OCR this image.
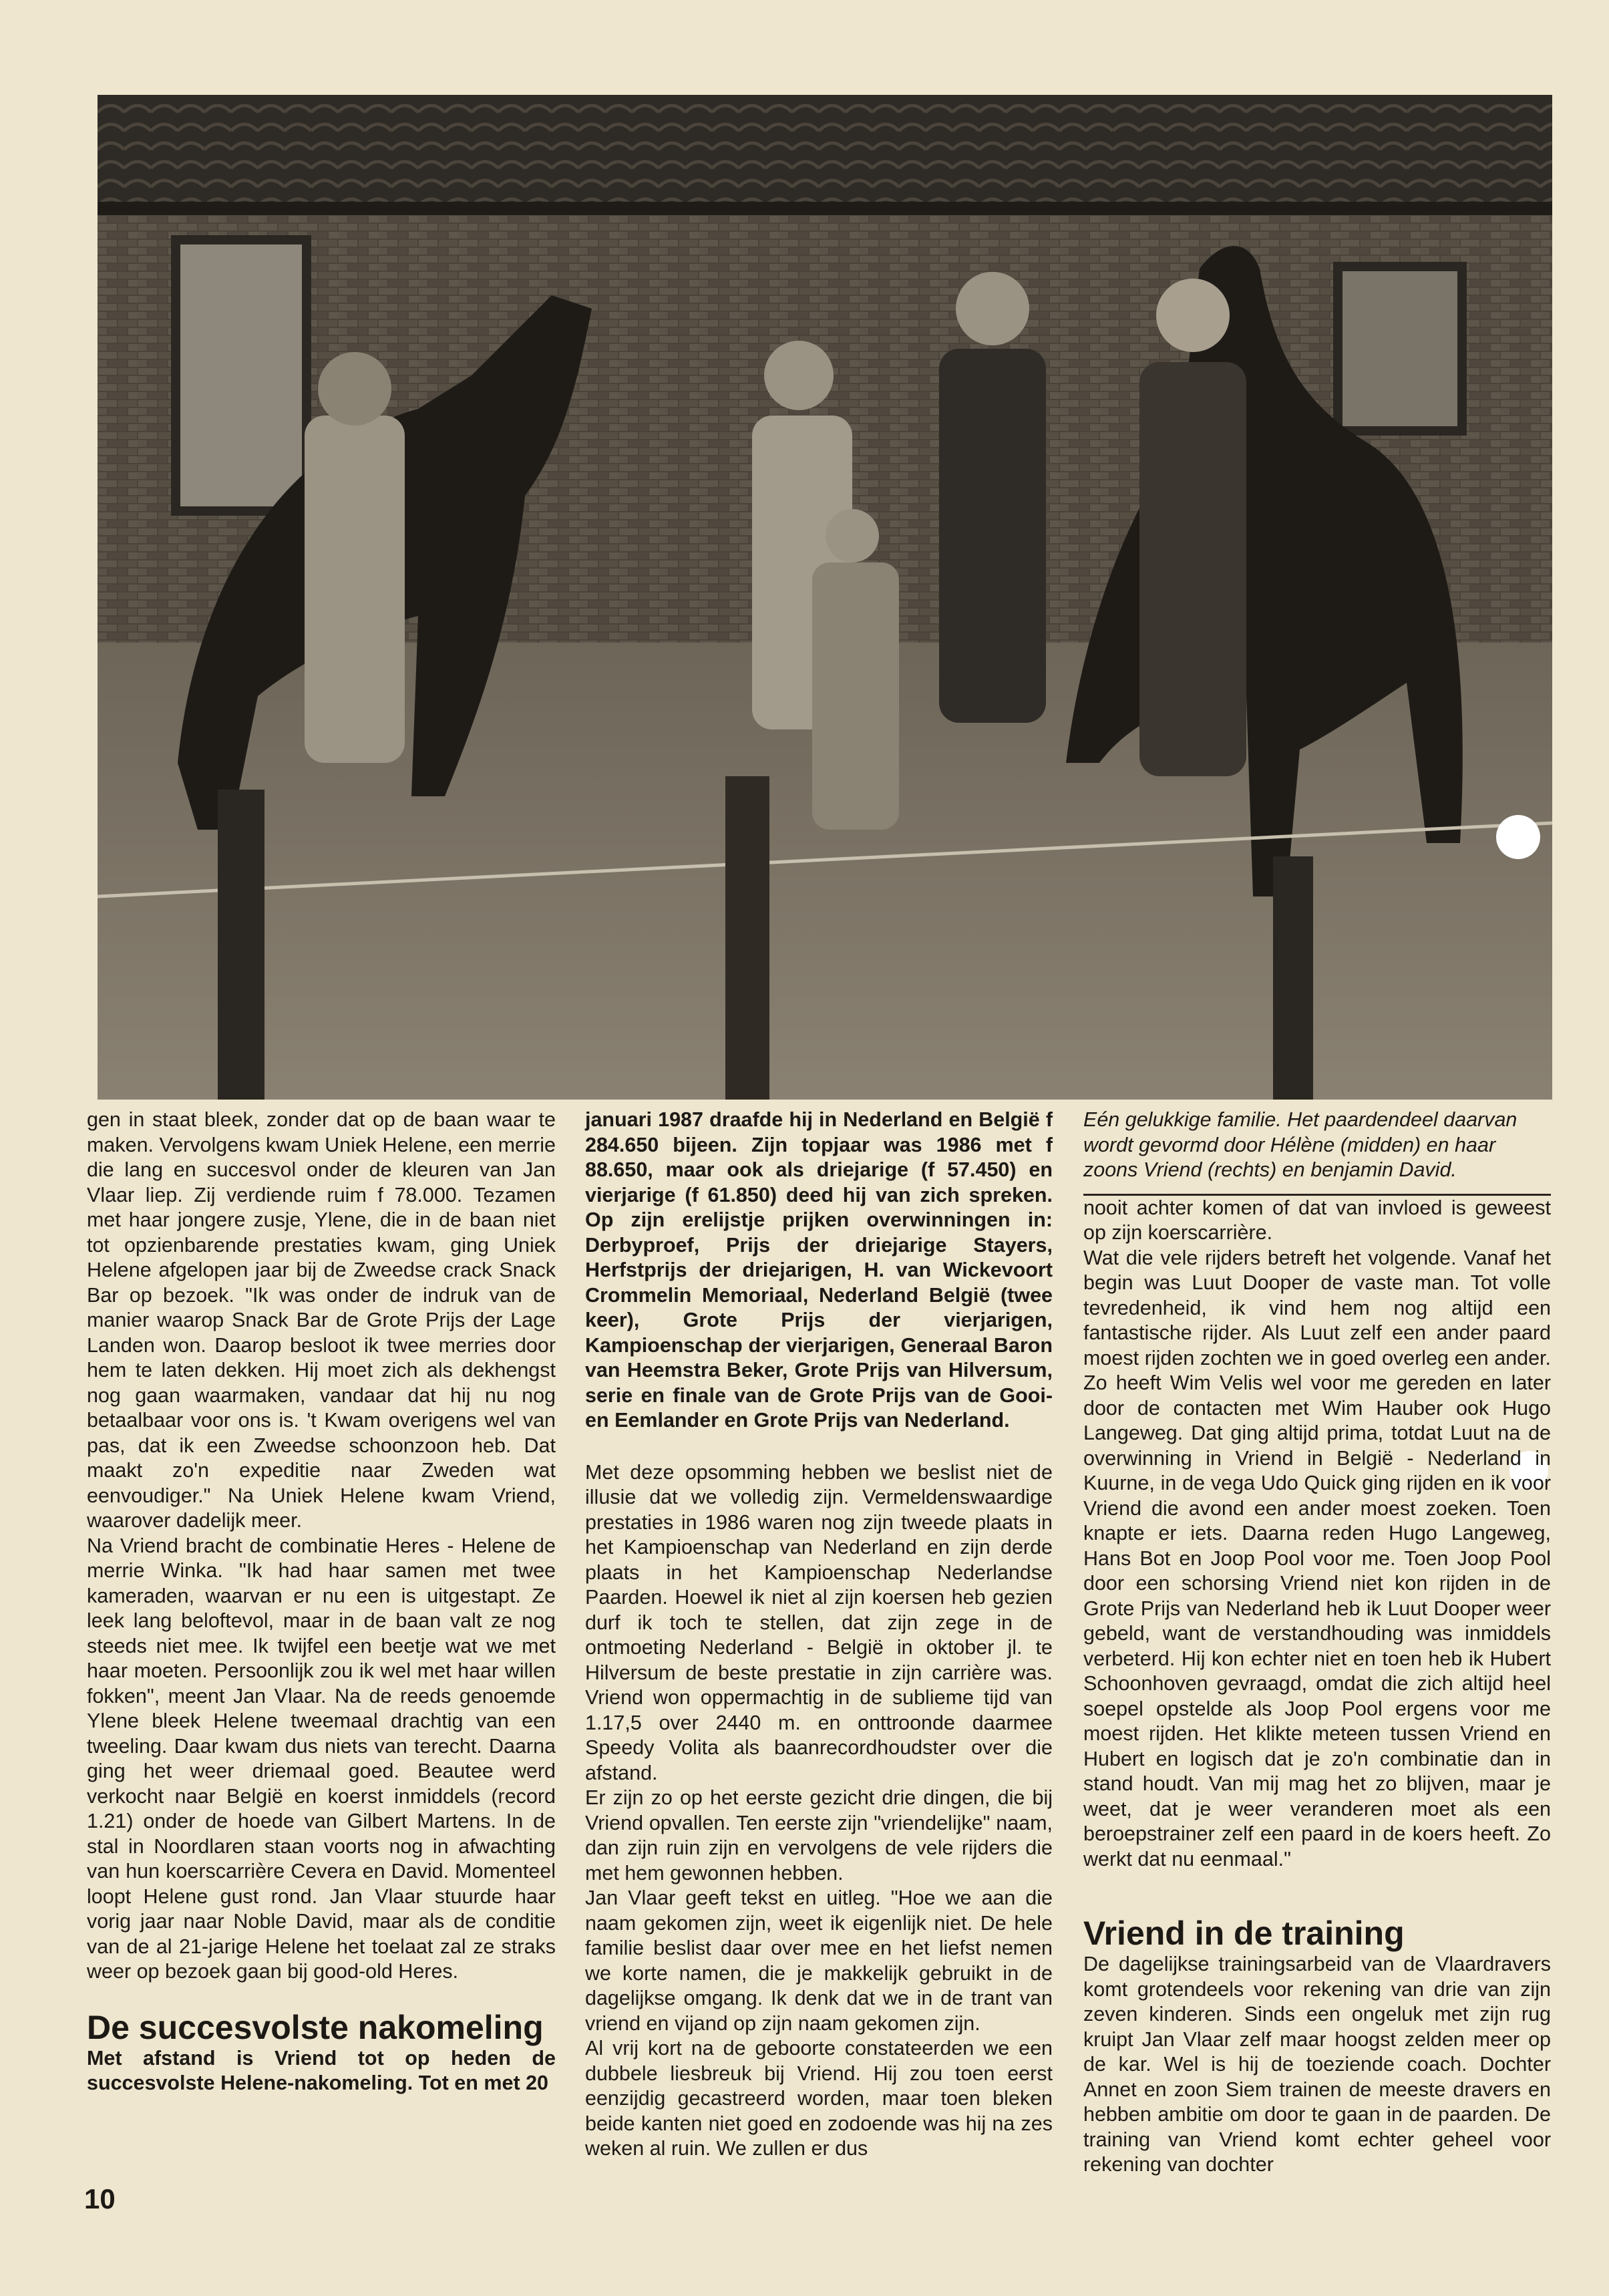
gen in staat bleek, zonder dat op de baan waar te maken. Vervolgens kwam Uniek Helene, een merrie die lang en succesvol onder de kleuren van Jan Vlaar liep. Zij verdiende ruim f 78.000. Tezamen met haar jongere zusje, Ylene, die in de baan niet tot opzienbarende prestaties kwam, ging Uniek Helene afgelopen jaar bij de Zweedse crack Snack Bar op bezoek. "Ik was onder de indruk van de manier waarop Snack Bar de Grote Prijs der Lage Landen won. Daarop besloot ik twee merries door hem te laten dekken. Hij moet zich als dekhengst nog gaan waarmaken, vandaar dat hij nu nog betaalbaar voor ons is. 't Kwam overigens wel van pas, dat ik een Zweedse schoonzoon heb. Dat maakt zo'n expeditie naar Zweden wat eenvoudiger." Na Uniek Helene kwam Vriend, waarover dadelijk meer.

Na Vriend bracht de combinatie Heres - Helene de merrie Winka. "Ik had haar samen met twee kameraden, waarvan er nu een is uitgestapt. Ze leek lang beloftevol, maar in de baan valt ze nog steeds niet mee. Ik twijfel een beetje wat we met haar moeten. Persoonlijk zou ik wel met haar willen fokken", meent Jan Vlaar. Na de reeds genoemde Ylene bleek Helene tweemaal drachtig van een tweeling. Daar kwam dus niets van terecht. Daarna ging het weer driemaal goed. Beautee werd verkocht naar België en koerst inmiddels (record 1.21) onder de hoede van Gilbert Martens. In de stal in Noordlaren staan voorts nog in afwachting van hun koerscarrière Cevera en David. Momenteel loopt Helene gust rond. Jan Vlaar stuurde haar vorig jaar naar Noble David, maar als de conditie van de al 21-jarige Helene het toelaat zal ze straks weer op bezoek gaan bij good-old Heres.

De succesvolste nakomeling

Met afstand is Vriend tot op heden de succesvolste Helene-nakomeling. Tot en met 20

januari 1987 draafde hij in Nederland en België f 284.650 bijeen. Zijn topjaar was 1986 met f 88.650, maar ook als driejarige (f 57.450) en vierjarige (f 61.850) deed hij van zich spreken. Op zijn erelijstje prijken overwinningen in: Derbyproef, Prijs der driejarige Stayers, Herfstprijs der driejarigen, H. van Wickevoort Crommelin Memoriaal, Nederland België (twee keer), Grote Prijs der vierjarigen, Kampioenschap der vierjarigen, Generaal Baron van Heemstra Beker, Grote Prijs van Hilversum, serie en finale van de Grote Prijs van de Gooi- en Eemlander en Grote Prijs van Nederland.

Met deze opsomming hebben we beslist niet de illusie dat we volledig zijn. Vermeldenswaardige prestaties in 1986 waren nog zijn tweede plaats in het Kampioenschap van Nederland en zijn derde plaats in het Kampioenschap Nederlandse Paarden. Hoewel ik niet al zijn koersen heb gezien durf ik toch te stellen, dat zijn zege in de ontmoeting Nederland - België in oktober jl. te Hilversum de beste prestatie in zijn carrière was. Vriend won oppermachtig in de sublieme tijd van 1.17,5 over 2440 m. en onttroonde daarmee Speedy Volita als baanrecordhoudster over die afstand.

Er zijn zo op het eerste gezicht drie dingen, die bij Vriend opvallen. Ten eerste zijn "vriendelijke" naam, dan zijn ruin zijn en vervolgens de vele rijders die met hem gewonnen hebben.

Jan Vlaar geeft tekst en uitleg. "Hoe we aan die naam gekomen zijn, weet ik eigenlijk niet. De hele familie beslist daar over mee en het liefst nemen we korte namen, die je makkelijk gebruikt in de dagelijkse omgang. Ik denk dat we in de trant van vriend en vijand op zijn naam gekomen zijn.

Al vrij kort na de geboorte constateerden we een dubbele liesbreuk bij Vriend. Hij zou toen eerst eenzijdig gecastreerd worden, maar toen bleken beide kanten niet goed en zodoende was hij na zes weken al ruin. We zullen er dus

Eén gelukkige familie. Het paardendeel daarvan wordt gevormd door Hélène (midden) en haar zoons Vriend (rechts) en benjamin David.

nooit achter komen of dat van invloed is geweest op zijn koerscarrière.

Wat die vele rijders betreft het volgende. Vanaf het begin was Luut Dooper de vaste man. Tot volle tevredenheid, ik vind hem nog altijd een fantastische rijder. Als Luut zelf een ander paard moest rijden zochten we in goed overleg een ander. Zo heeft Wim Velis wel voor me gereden en later door de contacten met Wim Hauber ook Hugo Langeweg. Dat ging altijd prima, totdat Luut na de overwinning in Vriend in België - Nederland in Kuurne, in de vega Udo Quick ging rijden en ik voor Vriend die avond een ander moest zoeken. Toen knapte er iets. Daarna reden Hugo Langeweg, Hans Bot en Joop Pool voor me. Toen Joop Pool door een schorsing Vriend niet kon rijden in de Grote Prijs van Nederland heb ik Luut Dooper weer gebeld, want de verstandhouding was inmiddels verbeterd. Hij kon echter niet en toen heb ik Hubert Schoonhoven gevraagd, omdat die zich altijd heel soepel opstelde als Joop Pool ergens voor me moest rijden. Het klikte meteen tussen Vriend en Hubert en logisch dat je zo'n combinatie dan in stand houdt. Van mij mag het zo blijven, maar je weet, dat je weer veranderen moet als een beroepstrainer zelf een paard in de koers heeft. Zo werkt dat nu eenmaal."

Vriend in de training

De dagelijkse trainingsarbeid van de Vlaardravers komt grotendeels voor rekening van drie van zijn zeven kinderen. Sinds een ongeluk met zijn rug kruipt Jan Vlaar zelf maar hoogst zelden meer op de kar. Wel is hij de toeziende coach. Dochter Annet en zoon Siem trainen de meeste dravers en hebben ambitie om door te gaan in de paarden. De training van Vriend komt echter geheel voor rekening van dochter

10
